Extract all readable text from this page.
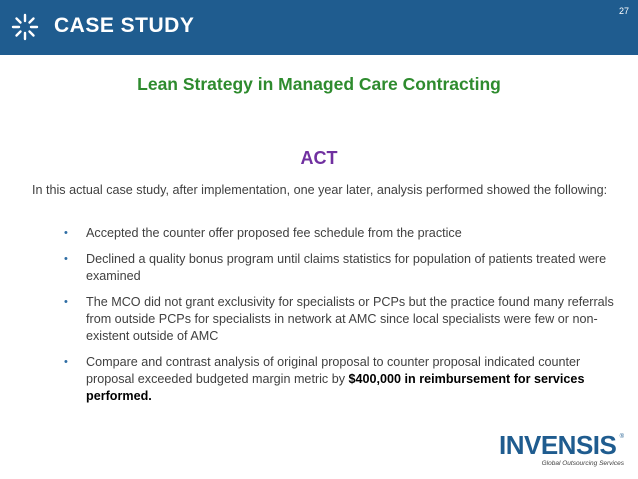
CASE STUDY
27
Lean Strategy in Managed Care Contracting
ACT
In this actual case study, after implementation, one year later, analysis performed showed the following:
• Accepted the counter offer proposed fee schedule from the practice
• Declined a quality bonus program until claims statistics for population of patients treated were examined
• The MCO did not grant exclusivity for specialists or PCPs but the practice found many referrals from outside PCPs for specialists in network at AMC since local specialists were few or non-existent outside of AMC
• Compare and contrast analysis of original proposal to counter proposal indicated counter proposal exceeded budgeted margin metric by $400,000 in reimbursement for services performed.
INVENSIS ®
Global Outsourcing Services
